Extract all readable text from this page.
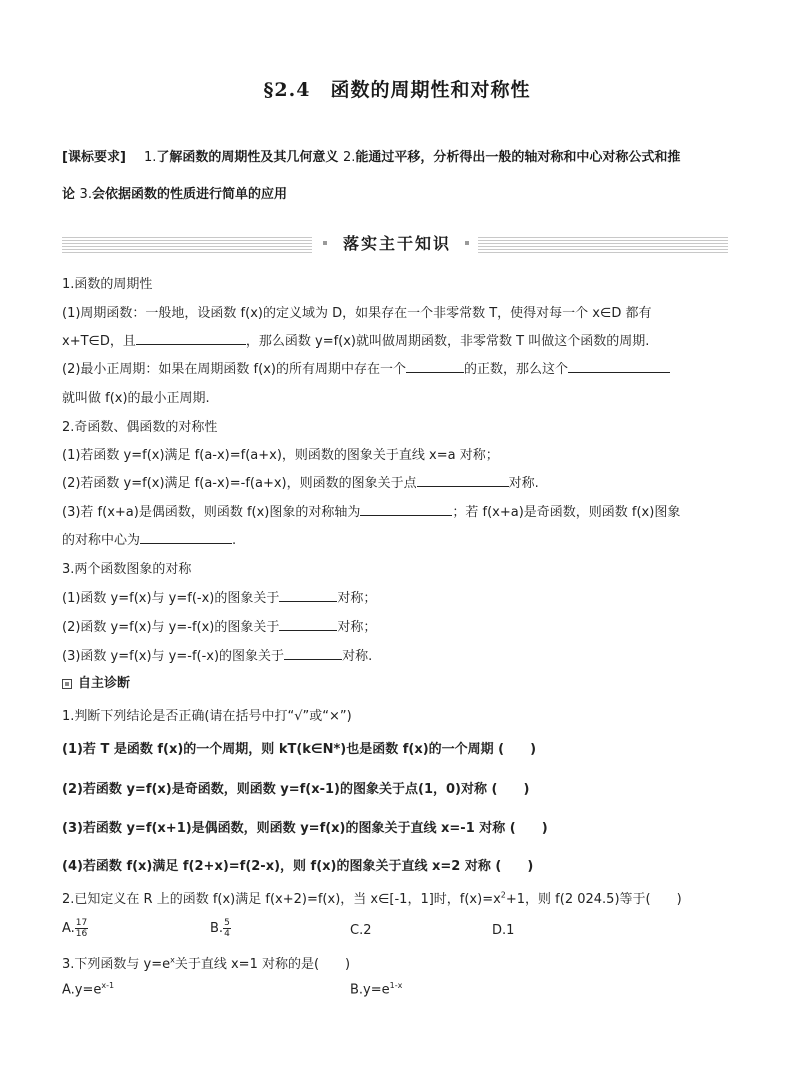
§2.4　函数的周期性和对称性
[课标要求] 1.了解函数的周期性及其几何意义 2.能通过平移，分析得出一般的轴对称和中心对称公式和推
论 3.会依据函数的性质进行简单的应用
落实主干知识
1.函数的周期性
(1)周期函数：一般地，设函数 f(x)的定义域为 D，如果存在一个非零常数 T，使得对每一个 x∈D 都有
x+T∈D，且	，那么函数 y=f(x)就叫做周期函数，非零常数 T 叫做这个函数的周期.
(2)最小正周期：如果在周期函数 f(x)的所有周期中存在一个	的正数，那么这个
就叫做 f(x)的最小正周期.
2.奇函数、偶函数的对称性
(1)若函数 y=f(x)满足 f(a-x)=f(a+x)，则函数的图象关于直线 x=a 对称；
(2)若函数 y=f(x)满足 f(a-x)=-f(a+x)，则函数的图象关于点	对称.
(3)若 f(x+a)是偶函数，则函数 f(x)图象的对称轴为	；若 f(x+a)是奇函数，则函数 f(x)图象
的对称中心为	.
3.两个函数图象的对称
(1)函数 y=f(x)与 y=f(-x)的图象关于	对称；
(2)函数 y=f(x)与 y=-f(x)的图象关于	对称；
(3)函数 y=f(x)与 y=-f(-x)的图象关于	对称.
自主诊断
1.判断下列结论是否正确(请在括号中打“√”或“×”)
(1)若 T 是函数 f(x)的一个周期，则 kT(k∈N*)也是函数 f(x)的一个周期 (　　)
(2)若函数 y=f(x)是奇函数，则函数 y=f(x-1)的图象关于点(1，0)对称 (　　)
(3)若函数 y=f(x+1)是偶函数，则函数 y=f(x)的图象关于直线 x=-1 对称 (　　)
(4)若函数 f(x)满足 f(2+x)=f(2-x)，则 f(x)的图象关于直线 x=2 对称 (　　)
2.已知定义在 R 上的函数 f(x)满足 f(x+2)=f(x)，当 x∈[-1，1]时，$f(x)=x^2+1$，则 f(2 024.5)等于(　　)
A. $\frac{17}{16}$	B. $\frac{5}{4}$	C.2	D.1
3.下列函数与 $y=e^x$关于直线 x=1 对称的是(　　)
$A.y=e^{x-1}$	$B.y=e^{1-x}$
